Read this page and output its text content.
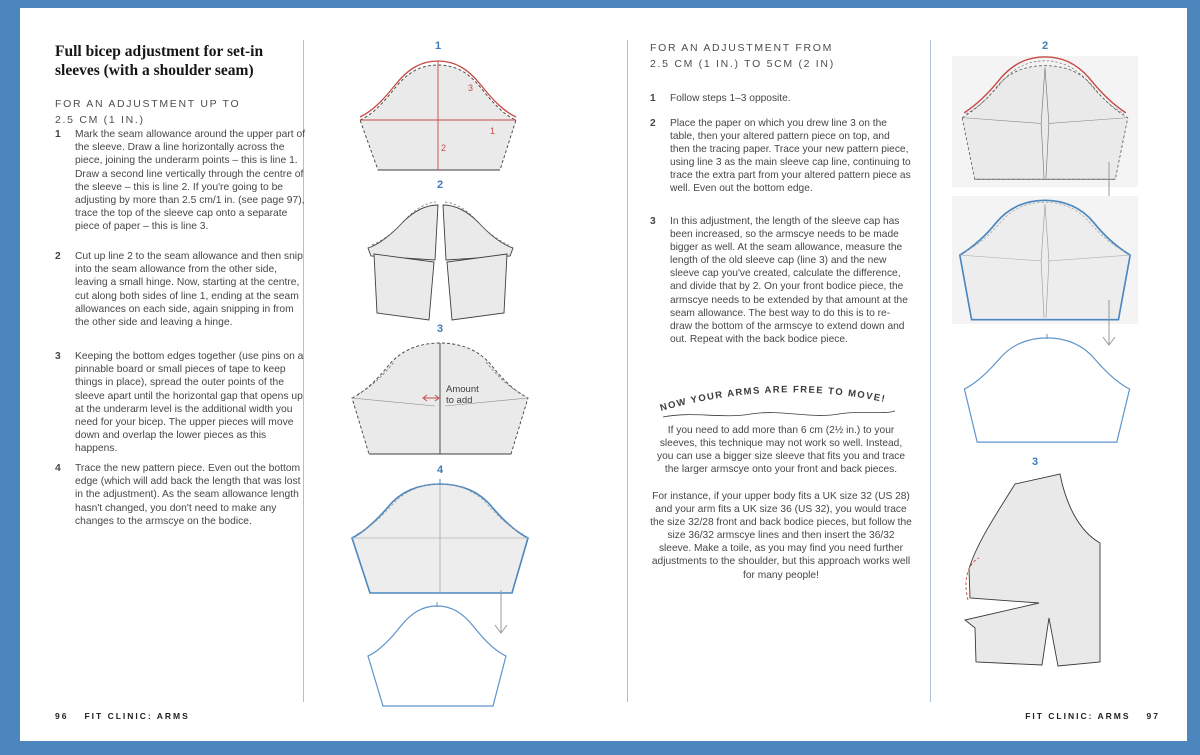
Full bicep adjustment for set-in sleeves (with a shoulder seam)
FOR AN ADJUSTMENT UP TO
2.5 CM (1 IN.)
1	Mark the seam allowance around the upper part of the sleeve. Draw a line horizontally across the piece, joining the underarm points – this is line 1. Draw a second line vertically through the centre of the sleeve – this is line 2. If you're going to be adjusting by more than 2.5 cm/1 in. (see page 97), trace the top of the sleeve cap onto a separate piece of paper – this is line 3.
2	Cut up line 2 to the seam allowance and then snip into the seam allowance from the other side, leaving a small hinge. Now, starting at the centre, cut along both sides of line 1, ending at the seam allowances on each side, again snipping in from the other side and leaving a hinge.
3	Keeping the bottom edges together (use pins on a pinnable board or small pieces of tape to keep things in place), spread the outer points of the sleeve apart until the horizontal gap that opens up at the underarm level is the additional width you need for your bicep. The upper pieces will move down and overlap the lower pieces as this happens.
4	Trace the new pattern piece. Even out the bottom edge (which will add back the length that was lost in the adjustment). As the seam allowance length hasn't changed, you don't need to make any changes to the armscye on the bodice.
96 FIT CLINIC: ARMS
1
1
2
3
2
3
Amount
to add
4
FOR AN ADJUSTMENT FROM
2.5 CM (1 IN.) TO 5CM (2 IN)
1	Follow steps 1–3 opposite.
2	Place the paper on which you drew line 3 on the table, then your altered pattern piece on top, and then the tracing paper. Trace your new pattern piece, using line 3 as the main sleeve cap line, continuing to trace the extra part from your altered pattern piece as well. Even out the bottom edge.
3	In this adjustment, the length of the sleeve cap has been increased, so the armscye needs to be made bigger as well. At the seam allowance, measure the length of the old sleeve cap (line 3) and the new sleeve cap you've created, calculate the difference, and divide that by 2. On your front bodice piece, the armscye needs to be extended by that amount at the seam allowance. The best way to do this is to re-draw the bottom of the armscye to extend down and out. Repeat with the back bodice piece.
NOW YOUR ARMS ARE FREE TO MOVE!
If you need to add more than 6 cm (2½ in.) to your sleeves, this technique may not work so well. Instead, you can use a bigger size sleeve that fits you and trace the larger armscye onto your front and back pieces.
For instance, if your upper body fits a UK size 32 (US 28) and your arm fits a UK size 36 (US 32), you would trace the size 32/28 front and back bodice pieces, but follow the size 36/32 armscye lines and then insert the 36/32 sleeve. Make a toile, as you may find you need further adjustments to the shoulder, but this approach works well for many people!
FIT CLINIC: ARMS 97
2
3
